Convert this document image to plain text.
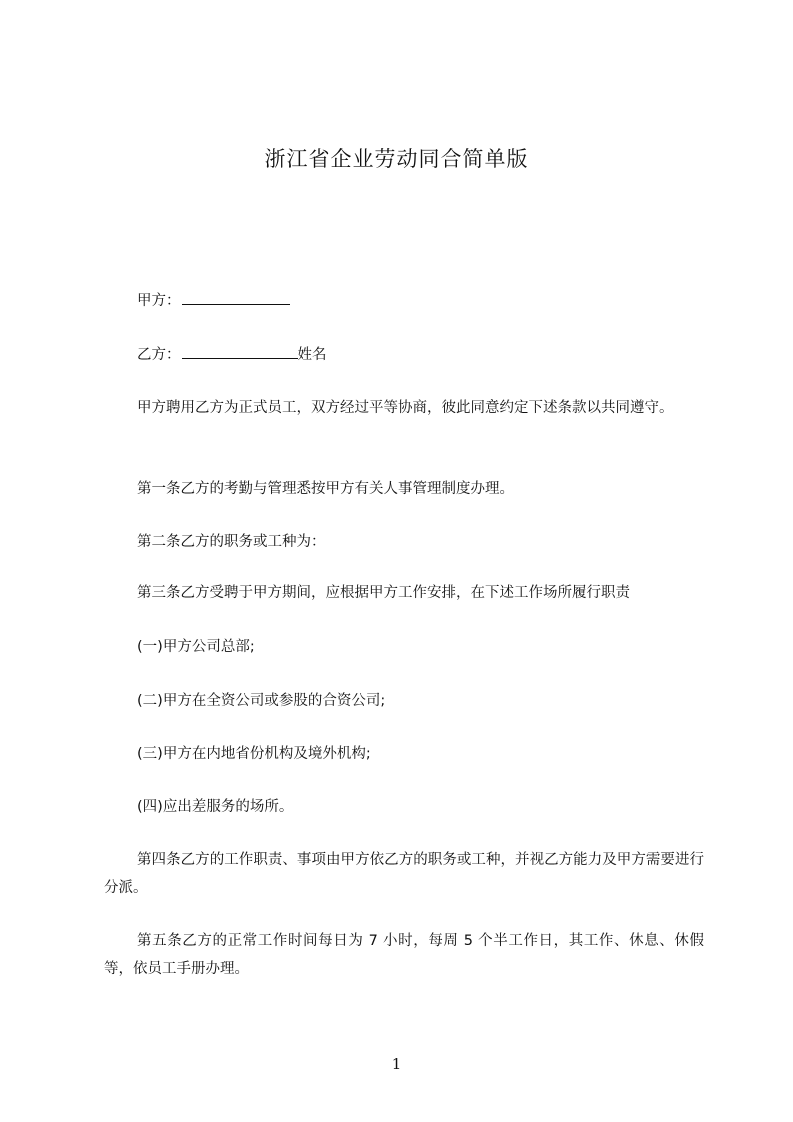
浙江省企业劳动同合简单版
甲方：
乙方：	姓名
甲方聘用乙方为正式员工，双方经过平等协商，彼此同意约定下述条款以共同遵守。
第一条乙方的考勤与管理悉按甲方有关人事管理制度办理。
第二条乙方的职务或工种为：
第三条乙方受聘于甲方期间，应根据甲方工作安排，在下述工作场所履行职责
(一)甲方公司总部;
(二)甲方在全资公司或参股的合资公司;
(三)甲方在内地省份机构及境外机构;
(四)应出差服务的场所。
第四条乙方的工作职责、事项由甲方依乙方的职务或工种，并视乙方能力及甲方需要进行分派。
第五条乙方的正常工作时间每日为 7 小时，每周 5 个半工作日，其工作、休息、休假等，依员工手册办理。
1
